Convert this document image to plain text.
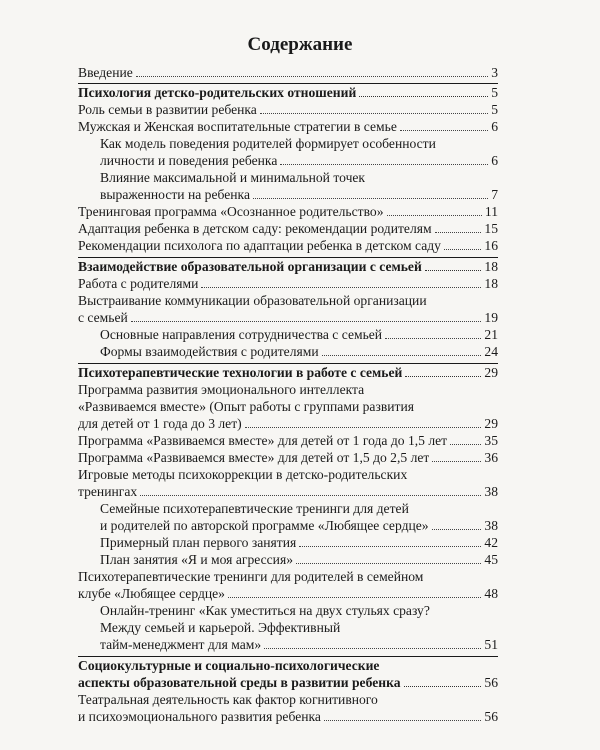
Содержание
Введение	3
Психология детско-родительских отношений	5
Роль семьи в развитии ребенка	5
Мужская и Женская воспитательные стратегии в семье	6
Как модель поведения родителей формирует особенности
личности и поведения ребенка	6
Влияние максимальной и минимальной точек
выраженности на ребенка	7
Тренинговая программа «Осознанное родительство»	11
Адаптация ребенка в детском саду: рекомендации родителям	15
Рекомендации психолога по адаптации ребенка в детском саду	16
Взаимодействие образовательной организации с семьей	18
Работа с родителями	18
Выстраивание коммуникации образовательной организации
с семьей	19
Основные направления сотрудничества с семьей	21
Формы взаимодействия с родителями	24
Психотерапевтические технологии в работе с семьей	29
Программа развития эмоционального интеллекта
«Развиваемся вместе» (Опыт работы с группами развития
для детей от 1 года до 3 лет)	29
Программа «Развиваемся вместе» для детей от 1 года до 1,5 лет	35
Программа «Развиваемся вместе» для детей от 1,5 до 2,5 лет	36
Игровые методы психокоррекции в детско-родительских
тренингах	38
Семейные психотерапевтические тренинги для детей
и родителей по авторской программе «Любящее сердце»	38
Примерный план первого занятия	42
План занятия «Я и моя агрессия»	45
Психотерапевтические тренинги для родителей в семейном
клубе «Любящее сердце»	48
Онлайн-тренинг «Как уместиться на двух стульях сразу?
Между семьей и карьерой. Эффективный
тайм-менеджмент для мам»	51
Социокультурные и социально-психологические
аспекты образовательной среды в развитии ребенка	56
Театральная деятельность как фактор когнитивного
и психоэмоционального развития ребенка	56
